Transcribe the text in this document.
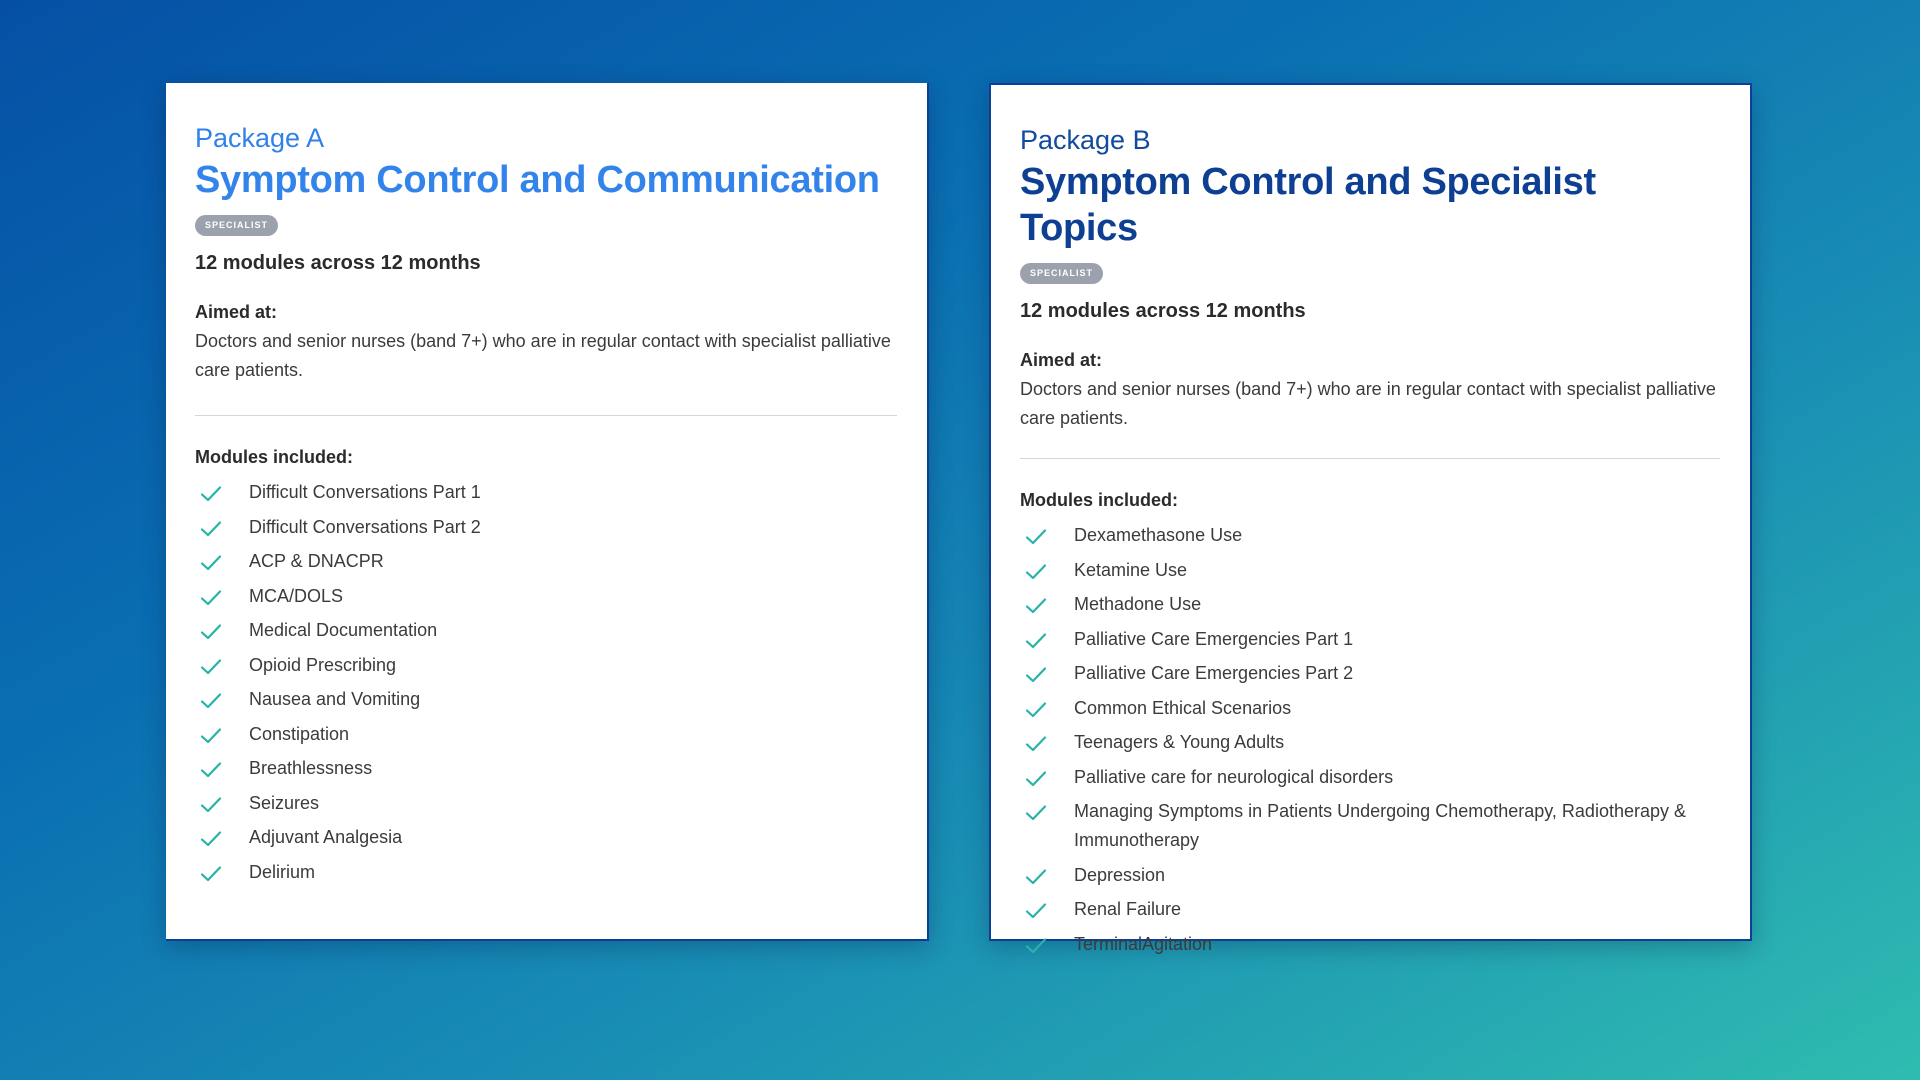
Package A
Symptom Control and Communication
SPECIALIST
12 modules across 12 months
Aimed at:
Doctors and senior nurses (band 7+) who are in regular contact with specialist palliative care patients.
Modules included:
Difficult Conversations Part 1
Difficult Conversations Part 2
ACP & DNACPR
MCA/DOLS
Medical Documentation
Opioid Prescribing
Nausea and Vomiting
Constipation
Breathlessness
Seizures
Adjuvant Analgesia
Delirium
Package B
Symptom Control and Specialist Topics
SPECIALIST
12 modules across 12 months
Aimed at:
Doctors and senior nurses (band 7+) who are in regular contact with specialist palliative care patients.
Modules included:
Dexamethasone Use
Ketamine Use
Methadone Use
Palliative Care Emergencies Part 1
Palliative Care Emergencies Part 2
Common Ethical Scenarios
Teenagers & Young Adults
Palliative care for neurological disorders
Managing Symptoms in Patients Undergoing Chemotherapy, Radiotherapy & Immunotherapy
Depression
Renal Failure
TerminalAgitation
